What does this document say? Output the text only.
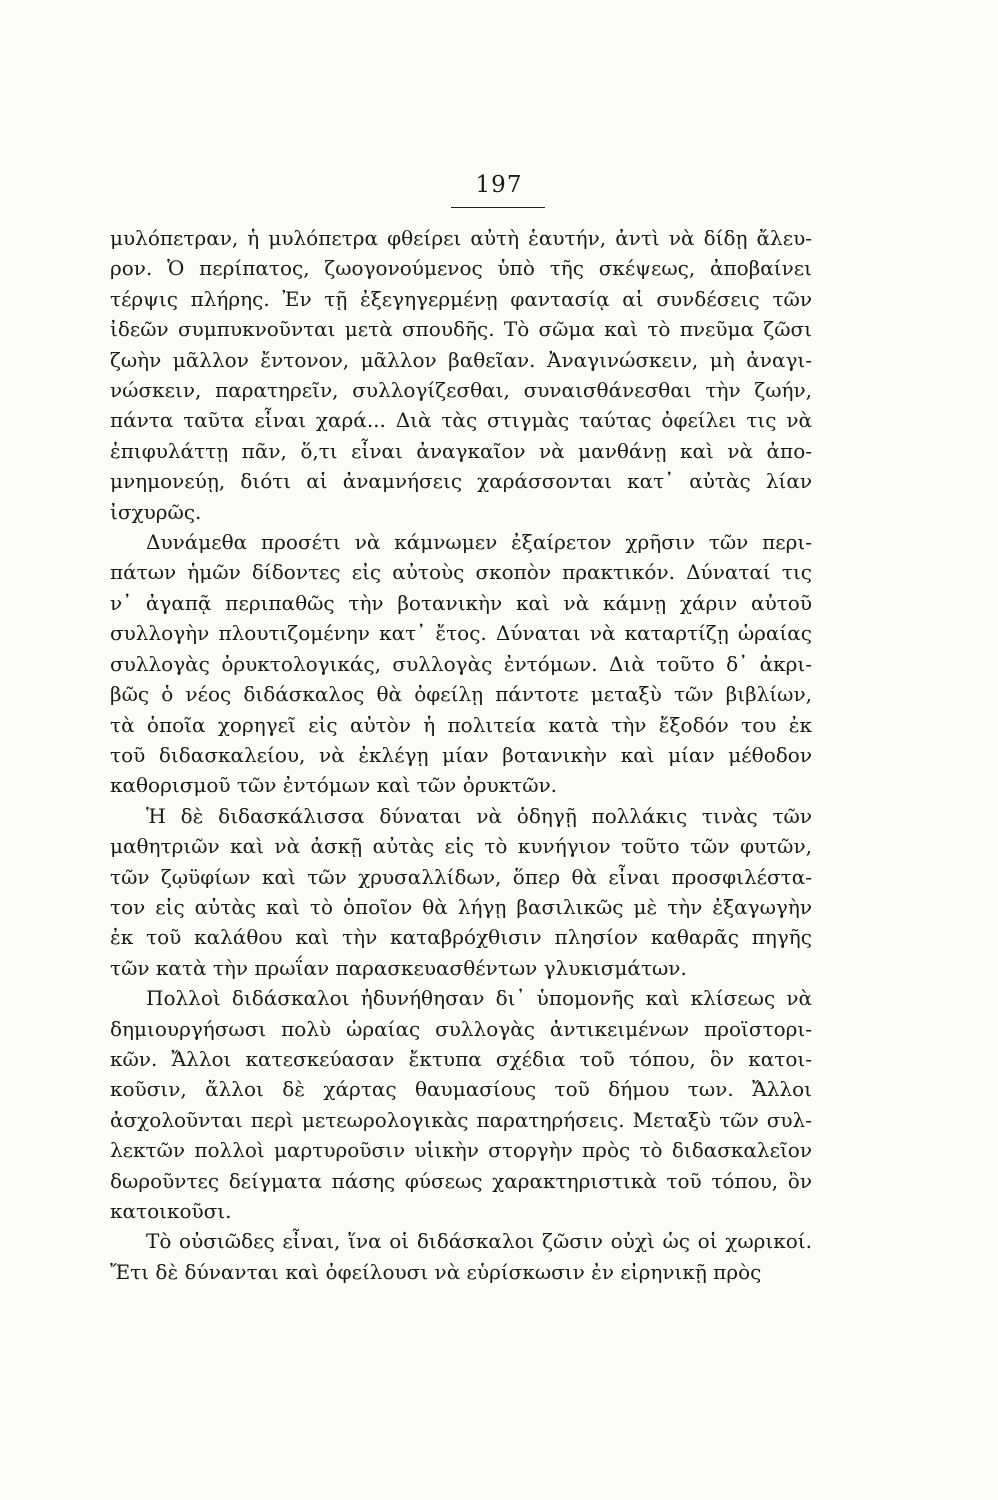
197
μυλόπετραν, ἡ μυλόπετρα φθείρει αὐτὴ ἑαυτήν, ἀντὶ νὰ δίδῃ ἄλευ-
ρον. Ὁ περίπατος, ζωογονούμενος ὑπὸ τῆς σκέψεως, ἀποβαίνει
τέρψις πλήρης. Ἐν τῇ ἐξεγηγερμένῃ φαντασίᾳ αἱ συνδέσεις τῶν
ἰδεῶν συμπυκνοῦνται μετὰ σπουδῆς. Τὸ σῶμα καὶ τὸ πνεῦμα ζῶσι
ζωὴν μᾶλλον ἔντονον, μᾶλλον βαθεῖαν. Ἀναγινώσκειν, μὴ ἀναγι-
νώσκειν, παρατηρεῖν, συλλογίζεσθαι, συναισθάνεσθαι τὴν ζωήν,
πάντα ταῦτα εἶναι χαρά... Διὰ τὰς στιγμὰς ταύτας ὀφείλει τις νὰ
ἐπιφυλάττῃ πᾶν, ὅ,τι εἶναι ἀναγκαῖον νὰ μανθάνῃ καὶ νὰ ἀπο-
μνημονεύῃ, διότι αἱ ἀναμνήσεις χαράσσονται κατ᾿ αὐτὰς λίαν
ἰσχυρῶς.
Δυνάμεθα προσέτι νὰ κάμνωμεν ἐξαίρετον χρῆσιν τῶν περι-
πάτων ἡμῶν δίδοντες εἰς αὐτοὺς σκοπὸν πρακτικόν. Δύναταί τις
ν᾿ ἀγαπᾷ περιπαθῶς τὴν βοτανικὴν καὶ νὰ κάμνῃ χάριν αὐτοῦ
συλλογὴν πλουτιζομένην κατ᾿ ἔτος. Δύναται νὰ καταρτίζῃ ὡραίας
συλλογὰς ὀρυκτολογικάς, συλλογὰς ἐντόμων. Διὰ τοῦτο δ᾿ ἀκρι-
βῶς ὁ νέος διδάσκαλος θὰ ὀφείλῃ πάντοτε μεταξὺ τῶν βιβλίων,
τὰ ὁποῖα χορηγεῖ εἰς αὐτὸν ἡ πολιτεία κατὰ τὴν ἔξοδόν του ἐκ
τοῦ διδασκαλείου, νὰ ἐκλέγῃ μίαν βοτανικὴν καὶ μίαν μέθοδον
καθορισμοῦ τῶν ἐντόμων καὶ τῶν ὀρυκτῶν.
Ἡ δὲ διδασκάλισσα δύναται νὰ ὁδηγῇ πολλάκις τινὰς τῶν
μαθητριῶν καὶ νὰ ἀσκῇ αὐτὰς εἰς τὸ κυνήγιον τοῦτο τῶν φυτῶν,
τῶν ζῳϋφίων καὶ τῶν χρυσαλλίδων, ὅπερ θὰ εἶναι προσφιλέστα-
τον εἰς αὐτὰς καὶ τὸ ὁποῖον θὰ λήγῃ βασιλικῶς μὲ τὴν ἐξαγωγὴν
ἐκ τοῦ καλάθου καὶ τὴν καταβρόχθισιν πλησίον καθαρᾶς πηγῆς
τῶν κατὰ τὴν πρωΐαν παρασκευασθέντων γλυκισμάτων.
Πολλοὶ διδάσκαλοι ἠδυνήθησαν δι᾿ ὑπομονῆς καὶ κλίσεως νὰ
δημιουργήσωσι πολὺ ὡραίας συλλογὰς ἀντικειμένων προϊστορι-
κῶν. Ἄλλοι κατεσκεύασαν ἔκτυπα σχέδια τοῦ τόπου, ὃν κατοι-
κοῦσιν, ἄλλοι δὲ χάρτας θαυμασίους τοῦ δήμου των. Ἄλλοι
ἀσχολοῦνται περὶ μετεωρολογικὰς παρατηρήσεις. Μεταξὺ τῶν συλ-
λεκτῶν πολλοὶ μαρτυροῦσιν υἱικὴν στοργὴν πρὸς τὸ διδασκαλεῖον
δωροῦντες δείγματα πάσης φύσεως χαρακτηριστικὰ τοῦ τόπου, ὃν
κατοικοῦσι.
Τὸ οὐσιῶδες εἶναι, ἵνα οἱ διδάσκαλοι ζῶσιν οὐχὶ ὡς οἱ χωρικοί.
Ἔτι δὲ δύνανται καὶ ὀφείλουσι νὰ εὑρίσκωσιν ἐν εἰρηνικῇ πρὸς
